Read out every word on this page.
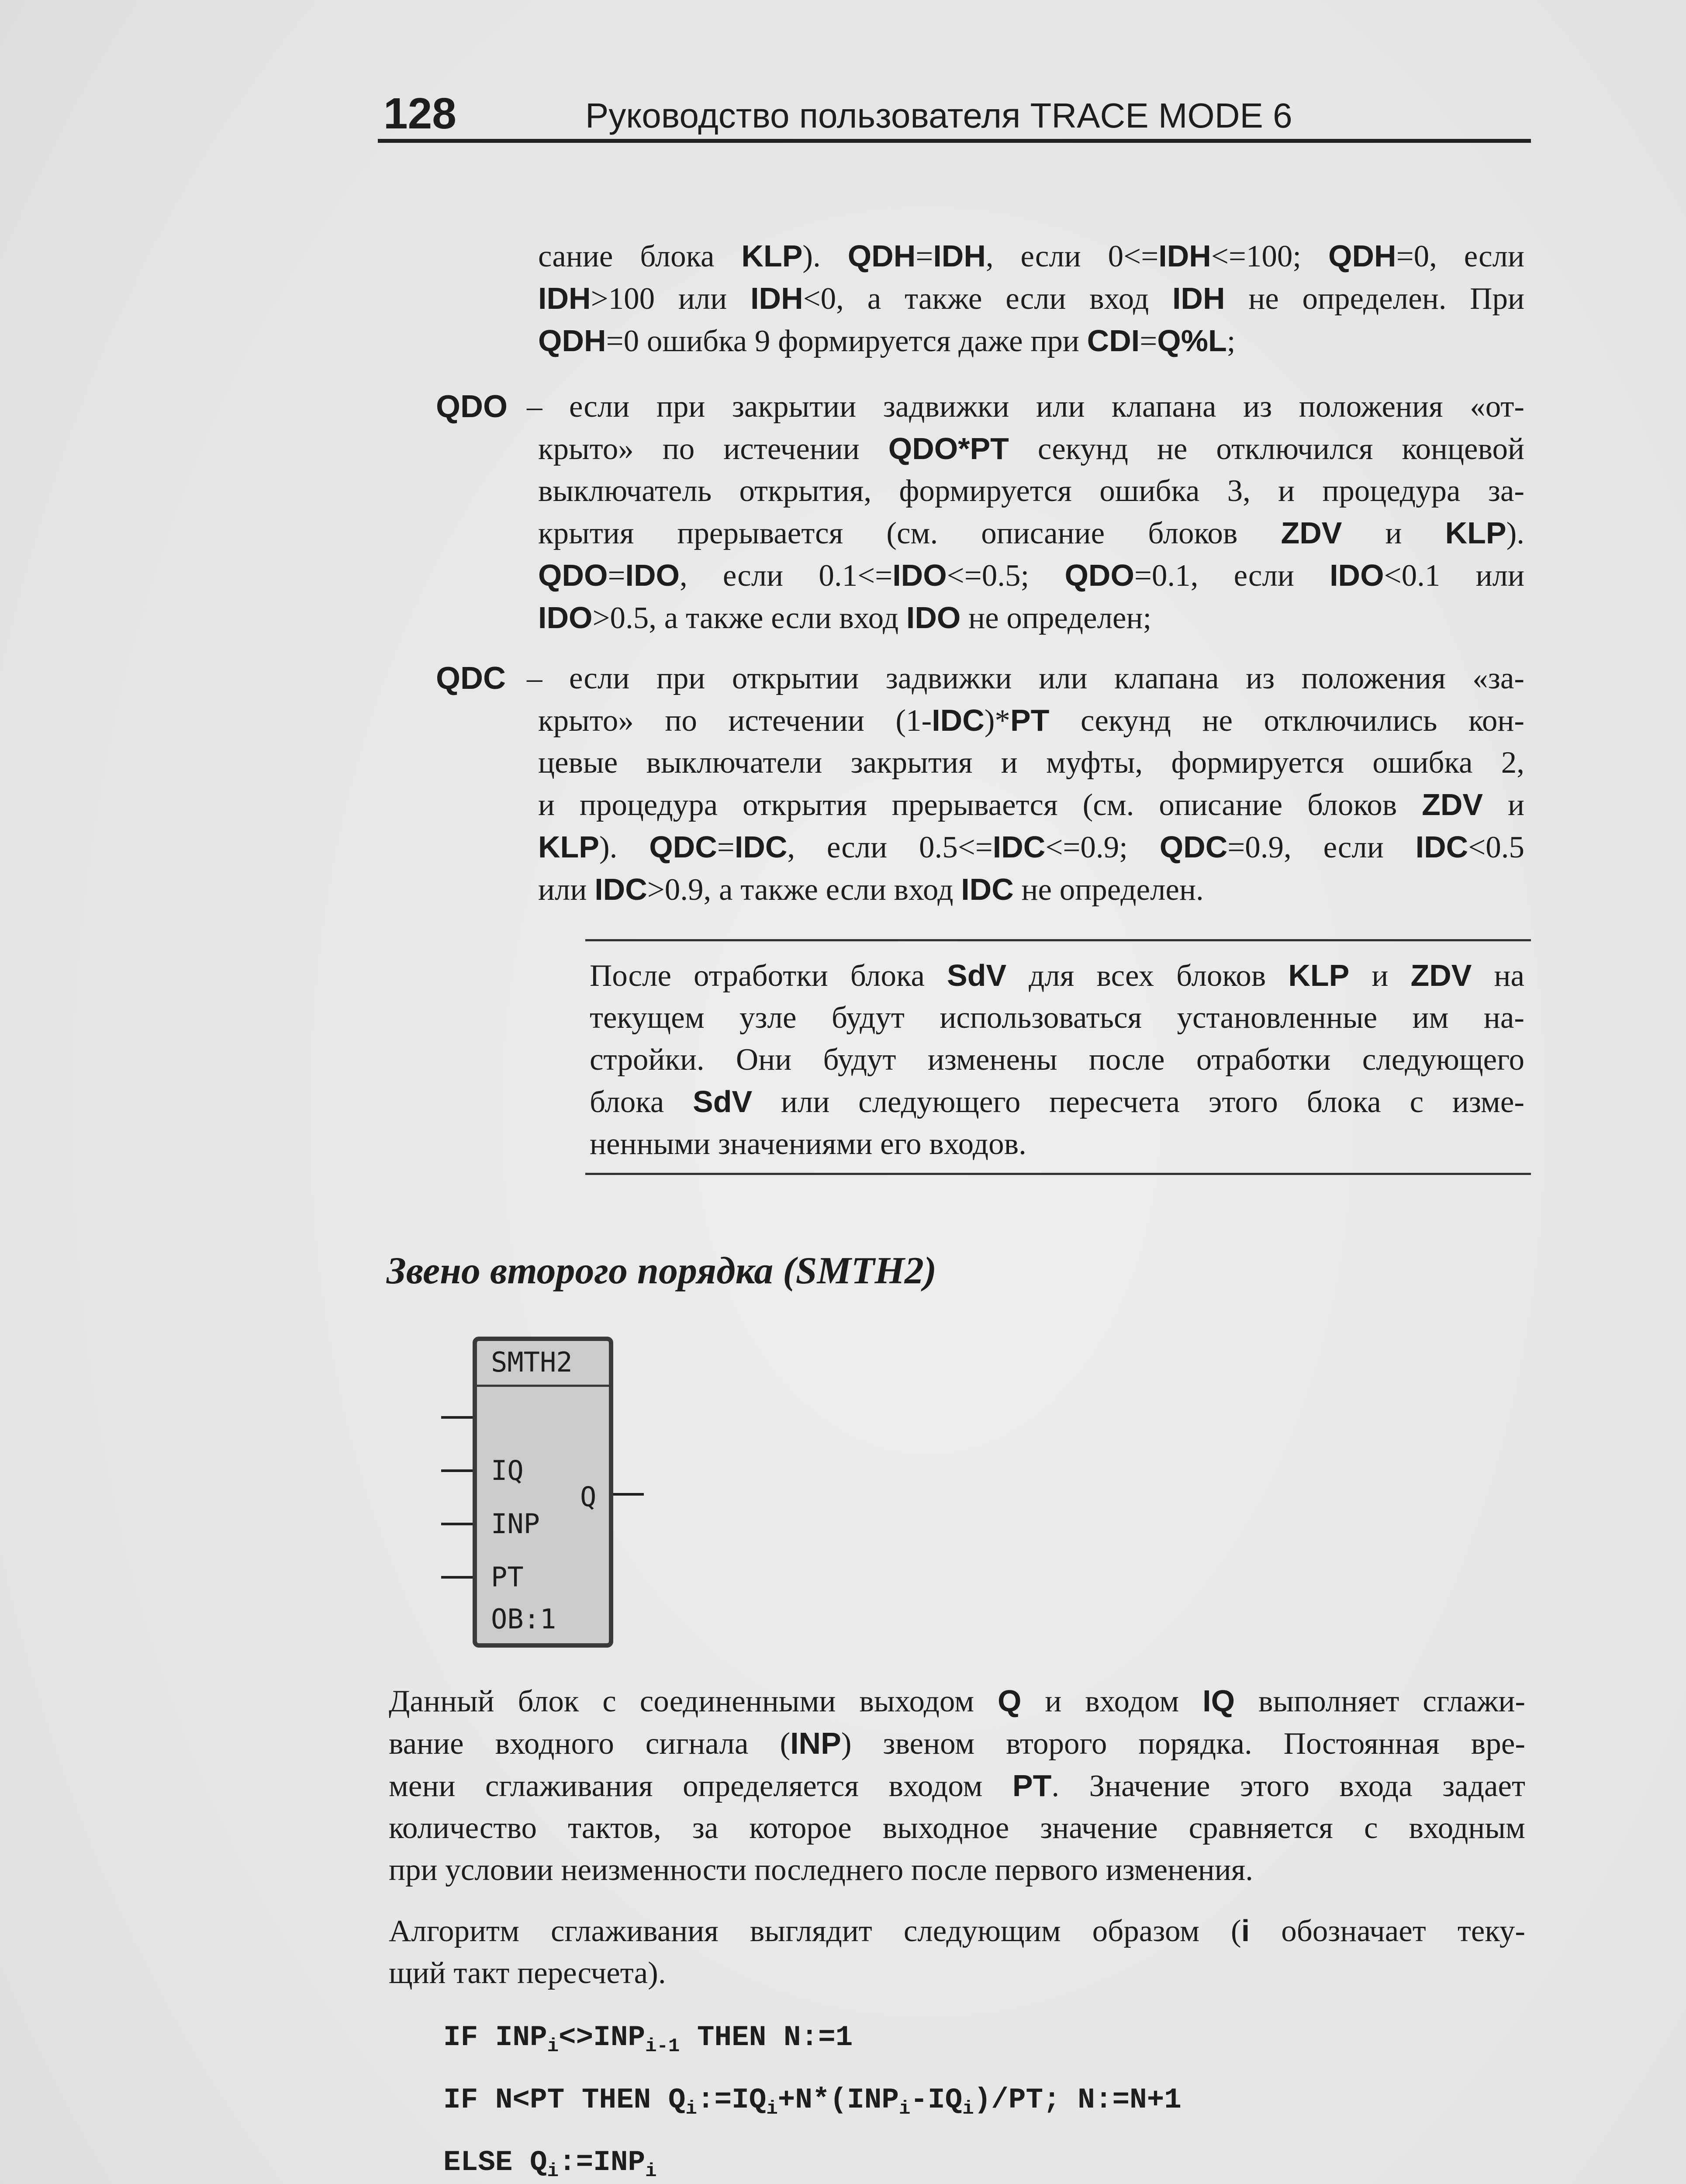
128	Руководство пользователя TRACE MODE 6
сание блока KLP). QDH=IDH, если 0<=IDH<=100; QDH=0, если
IDH>100 или IDH<0, а также если вход IDH не определен. При
QDH=0 ошибка 9 формируется даже при CDI=Q%L;
QDO – если при закрытии задвижки или клапана из положения «от-
крыто» по истечении QDO*PT секунд не отключился концевой
выключатель открытия, формируется ошибка 3, и процедура за-
крытия прерывается (см. описание блоков ZDV и KLP).
QDO=IDO, если 0.1<=IDO<=0.5; QDO=0.1, если IDO<0.1 или
IDO>0.5, а также если вход IDO не определен;
QDC – если при открытии задвижки или клапана из положения «за-
крыто» по истечении (1-IDC)*PT секунд не отключились кон-
цевые выключатели закрытия и муфты, формируется ошибка 2,
и процедура открытия прерывается (см. описание блоков ZDV и
KLP). QDC=IDC, если 0.5<=IDC<=0.9; QDC=0.9, если IDC<0.5
или IDC>0.9, а также если вход IDC не определен.
После отработки блока SdV для всех блоков KLP и ZDV на
текущем узле будут использоваться установленные им на-
стройки. Они будут изменены после отработки следующего
блока SdV или следующего пересчета этого блока с изме-
ненными значениями его входов.
Звено второго порядка (SMTH2)
SMTH2
IQ
INP
PT
OB:1
Q
Данный блок с соединенными выходом Q и входом IQ выполняет сглажи-
вание входного сигнала (INP) звеном второго порядка. Постоянная вре-
мени сглаживания определяется входом PT. Значение этого входа задает
количество тактов, за которое выходное значение сравняется с входным
при условии неизменности последнего после первого изменения.
Алгоритм сглаживания выглядит следующим образом (i обозначает теку-
щий такт пересчета).
IF $INP_i<>INP_{i-1}$ THEN N:=1
IF N<PT THEN $Q_i:=IQ_i+N*(INP_i-IQ_i)/PT$; N:=N+1
ELSE $Q_i:=INP_i$
